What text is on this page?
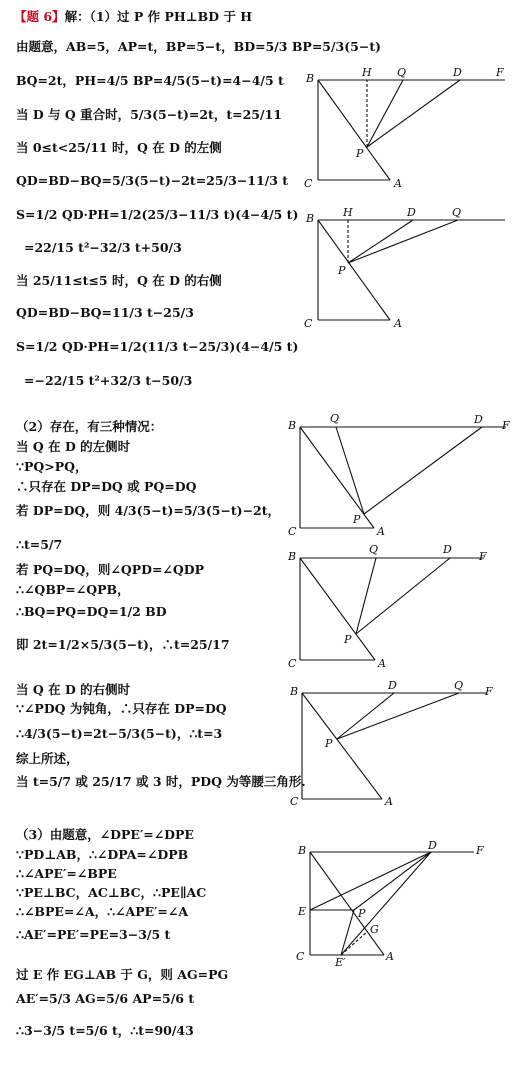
【题 6】解：（1）过 P 作 PH⊥BD 于 H
由题意，AB=5，AP=t，BP=5−t，BD=5/3 BP=5/3(5−t)
BQ=2t，PH=4/5 BP=4/5(5−t)=4−4/5 t
当 D 与 Q 重合时，5/3(5−t)=2t，t=25/11
当 0≤t<25/11 时，Q 在 D 的左侧
QD=BD−BQ=5/3(5−t)−2t=25/3−11/3 t
S=1/2 QD·PH=1/2(25/3−11/3 t)(4−4/5 t)
=22/15 t²−32/3 t+50/3
当 25/11≤t≤5 时，Q 在 D 的右侧
QD=BD−BQ=11/3 t−25/3
S=1/2 QD·PH=1/2(11/3 t−25/3)(4−4/5 t)
=−22/15 t²+32/3 t−50/3
（2）存在，有三种情况：
当 Q 在 D 的左侧时
∵PQ>PQ，
∴只存在 DP=DQ 或 PQ=DQ
若 DP=DQ，则 4/3(5−t)=5/3(5−t)−2t，
∴t=5/7
若 PQ=DQ，则∠QPD=∠QDP
∴∠QBP=∠QPB，
∴BQ=PQ=DQ=1/2 BD
即 2t=1/2×5/3(5−t)，∴t=25/17
当 Q 在 D 的右侧时
∵∠PDQ 为钝角，∴只存在 DP=DQ
∴4/3(5−t)=2t−5/3(5−t)，∴t=3
综上所述，
当 t=5/7 或 25/17 或 3 时，PDQ 为等腰三角形.
（3）由题意，∠DPE′=∠DPE
∵PD⊥AB，∴∠DPA=∠DPB
∴∠APE′=∠BPE
∵PE⊥BC，AC⊥BC，∴PE∥AC
∴∠BPE=∠A，∴∠APE′=∠A
∴AE′=PE′=PE=3−3/5 t
过 E 作 EG⊥AB 于 G，则 AG=PG
AE′=5/3 AG=5/6 AP=5/6 t
∴3−3/5 t=5/6 t，∴t=90/43
B	H Q	D	F
P
C	A
B	H	D	Q
P
C	A
B
Q	D F
P
C	A
B
Q	D
F
P
C	A
B	D	Q F
P
C	A
B	D	F
E	P
G
C	E′	A
